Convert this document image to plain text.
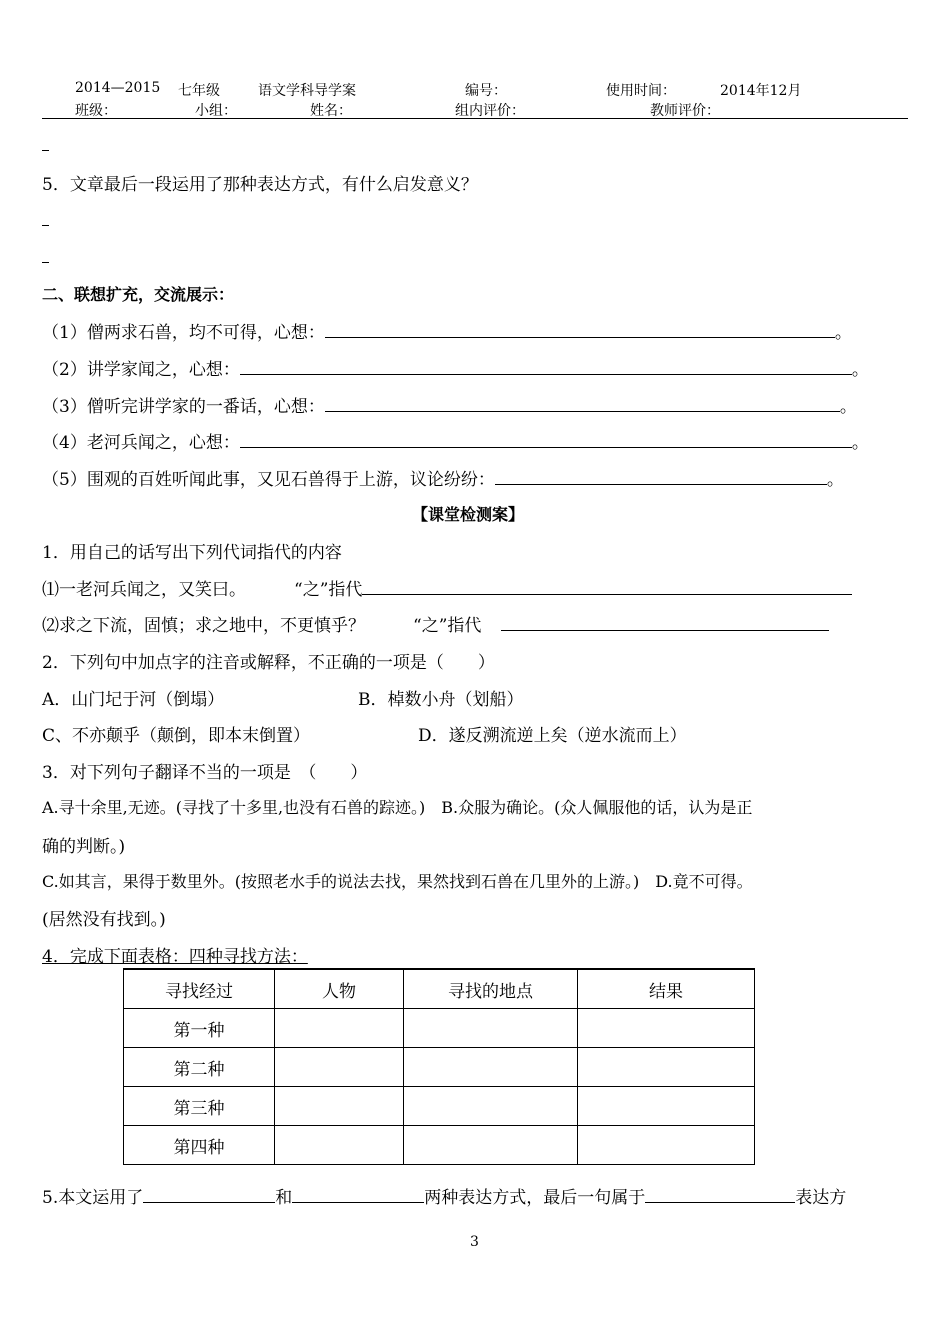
2014—2015 七年级	语文学科导学案	编号：	使用时间：	2014年12月
班级：	小组：	姓名：	组内评价：	教师评价：
5．文章最后一段运用了那种表达方式，有什么启发意义？
二、联想扩充，交流展示：
（1）僧两求石兽，均不可得，心想：	。
（2）讲学家闻之，心想：	。
（3）僧听完讲学家的一番话，心想：	。
（4）老河兵闻之，心想：	。
（5）围观的百姓听闻此事，又见石兽得于上游，议论纷纷：	。
【课堂检测案】
1．用自己的话写出下列代词指代的内容
⑴一老河兵闻之，又笑曰。	“之”指代
⑵求之下流，固慎；求之地中，不更慎乎？	“之”指代
2．下列句中加点字的注音或解释，不正确的一项是（　　）
A．山门圮于河（倒塌）	B．棹数小舟（划船）
C、不亦颠乎（颠倒，即本末倒置）	D．遂反溯流逆上矣（逆水流而上）
3．对下列句子翻译不当的一项是　（　　）
A.寻十余里,无迹。(寻找了十多里,也没有石兽的踪迹。)　B.众服为确论。(众人佩服他的话，认为是正
确的判断。)
C.如其言，果得于数里外。(按照老水手的说法去找，果然找到石兽在几里外的上游。)　D.竟不可得。
(居然没有找到。)
4．完成下面表格：四种寻找方法：
寻找经过	人物	寻找的地点	结果
第一种			
第二种			
第三种			
第四种			
5.本文运用了	和	两种表达方式，最后一句属于	表达方
3
